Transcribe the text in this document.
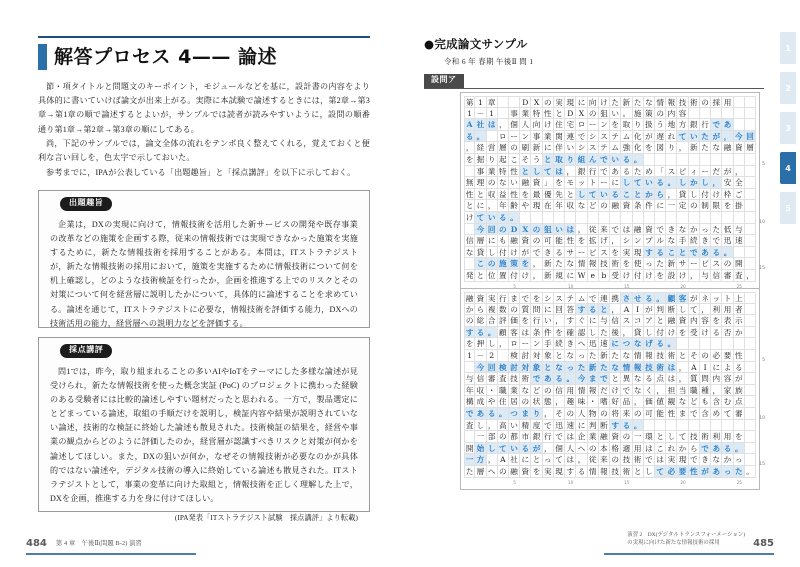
解答プロセス 4—— 論述
節・項タイトルと問題文のキーポイント，モジュールなどを基に，設計書の内容をより具体的に書いていけば論文が出来上がる。実際に本試験で論述するときには，第2章→第3章→第1章の順で論述するとよいが，サンプルでは読者が読みやすいように，設問の順番通り第1章→第2章→第3章の順にしてある。
尚，下記のサンプルでは，論文全体の流れをテンポ良く整えてくれる，覚えておくと便利な言い回しを，色太字で示しておいた。
参考までに，IPAが公表している「出題趣旨」と「採点講評」を以下に示しておく。
出題趣旨
企業は，DXの実現に向けて，情報技術を活用した新サービスの開発や既存事業の改革などの施策を企画する際，従来の情報技術では実現できなかった施策を実施するために，新たな情報技術を採用することがある。本問は，ITストラテジストが，新たな情報技術の採用において，施策を実施するために情報技術について何を机上確認し，どのような技術検証を行ったか，企画を推進する上でのリスクとその対策について何を経営層に説明したかについて，具体的に論述することを求めている。論述を通じて，ITストラテジストに必要な，情報技術を評価する能力，DXへの技術活用の能力，経営層への説明力などを評価する。
採点講評
問1では，昨今，取り組まれることの多いAIやIoTをテーマにした多様な論述が見受けられ，新たな情報技術を使った概念実証 (PoC) のプロジェクトに携わった経験のある受験者には比較的論述しやすい題材だったと思われる。一方で，製品選定にとどまっている論述，取組の手順だけを説明し，検証内容や結果が説明されていない論述，技術的な検証に終始した論述も散見された。技術検証の結果を，経営や事業の観点からどのように評価したのか，経営層が認識すべきリスクと対策が何かを論述してほしい。また，DXの狙いが何か，なぜその情報技術が必要なのかが具体的ではない論述や，デジタル技術の導入に終始している論述も散見された。ITストラテジストとして，事業の変革に向けた取組と，情報技術を正しく理解した上で，DXを企画，推進する力を身に付けてほしい。
(IPA発表「ITストラテジスト試験　採点講評」より転載)
484 第 4 章　午後Ⅱ(問題 B-2) 演習
●完成論文サンプル
令和 6 年 春期 午後Ⅱ 問 1
設問ア
第 1 章	D X の 実 現 に 向 け た 新 た な 情 報 技 術 の 採 用
1 － 1	事 業 特 性 と D X の 狙 い 。 施 策 の 内 容
A 社 は ， 個 人 向 け 住 宅 ロ ー ン を 取 り 扱 う 地 方 銀 行 で あ
る 。	ロ ー ン 事 業 関 連 で シ ス テ ム 化 が 遅 れ て い た が ， 今 回
， 経 営 層 の 刷 新 に 伴 い シ ス テ ム 強 化 を 図 り ， 新 た な 融 資 層
を 掘 り 起 こ そ う と 取 り 組 ん で い る 。
5
事 業 特 性 と し て は ， 銀 行 で あ る た め 「 ス ピ ィ ー だ が ，
無 理 の な い 融 資 」 を モ ッ ト ー に し て い る 。 し か し ， 安 全
性 と 収 益 性 を 最 優 先 と し て い る こ と か ら ， 貸 し 付 け 枠 ご
と に ， 年 齢 や 現 在 年 収 な ど の 融 資 条 件 に 一 定 の 制 限 を 掛
け て い る 。
10
今 回 の D X の 狙 い は ， 従 来 で は 融 資 で き な か っ た 低 与
信 層 に も 融 資 の 可 能 性 を 拡 げ ， シ ン プ ル な 手 続 き で 迅 速
な 貸 し 付 け が で き る サ ー ビ ス を 実 現 す る こ と で あ る 。
こ の 施 策 を ， 新 た な 情 報 技 術 を 使 っ た 新 サ ー ビ ス の 開
15
発 と 位 置 付 け ， 新 規 に W e b 受 け 付 け を 設 け ， 与 信 審 査 ，
5	10	15	20	25
融 資 実 行 ま で を シ ス テ ム で 連 携 さ せ る 。 顧 客 が ネ ッ ト 上
か ら 複 数 の 質 問 に 回 答 す る と ， A I が 判 断 し て ， 利 用 者
の 総 合 評 価 を 行 い ， す ぐ に 与 信 ス コ ア と 融 資 内 容 を 表 示
す る 。 顧 客 は 条 件 を 確 認 し た 後 ， 貸 し 付 け を 受 け る 否 か
を 押 し ， ロ ー ン 手 続 き へ 迅 速 に つ な げ る 。
1 － 2	検 討 対 象 と な っ た 新 た な 情 報 技 術 と そ の 必 要 性
5
今 回 検 討 対 象 と な っ た 新 た な 情 報 技 術 は ， A I に よ る
与 信 審 査 技 術 で あ る 。 今 ま で と 異 な る 点 は ， 質 問 内 容 が
年 収 ・ 職 業 な ど の 信 用 情 報 だ け で な く ， 担 当 職 種 ， 家 族
構 成 や 住 居 の 状 態 ， 趣 味 ・ 嗜 好 品 ， 価 値 観 な ど も 含 む 点
で あ る 。 つ ま り ， そ の 人 物 の 将 来 の 可 能 性 ま で 含 め て 審
10
査 し ， 高 い 精 度 で 迅 速 に 判 断 す る 。
一 部 の 都 市 銀 行 で は 企 業 融 資 の 一 環 と し て 技 術 利 用 を
開 始 し て い る が ， 個 人 へ の 本 格 適 用 は こ れ か ら で あ る 。
一 方 ， A 社 に と っ て は ， 従 来 の 技 術 で は 実 現 で き な か っ
15
た 層 へ の 融 資 を 実 現 す る 情 報 技 術 と し て 必 要 性 が あ っ た 。
5	10	15	20	25
1
2
3
4
5
演習 2　DX(デジタルトランスフォーメーション)
の実現に向けた新たな情報技術の採用	485
